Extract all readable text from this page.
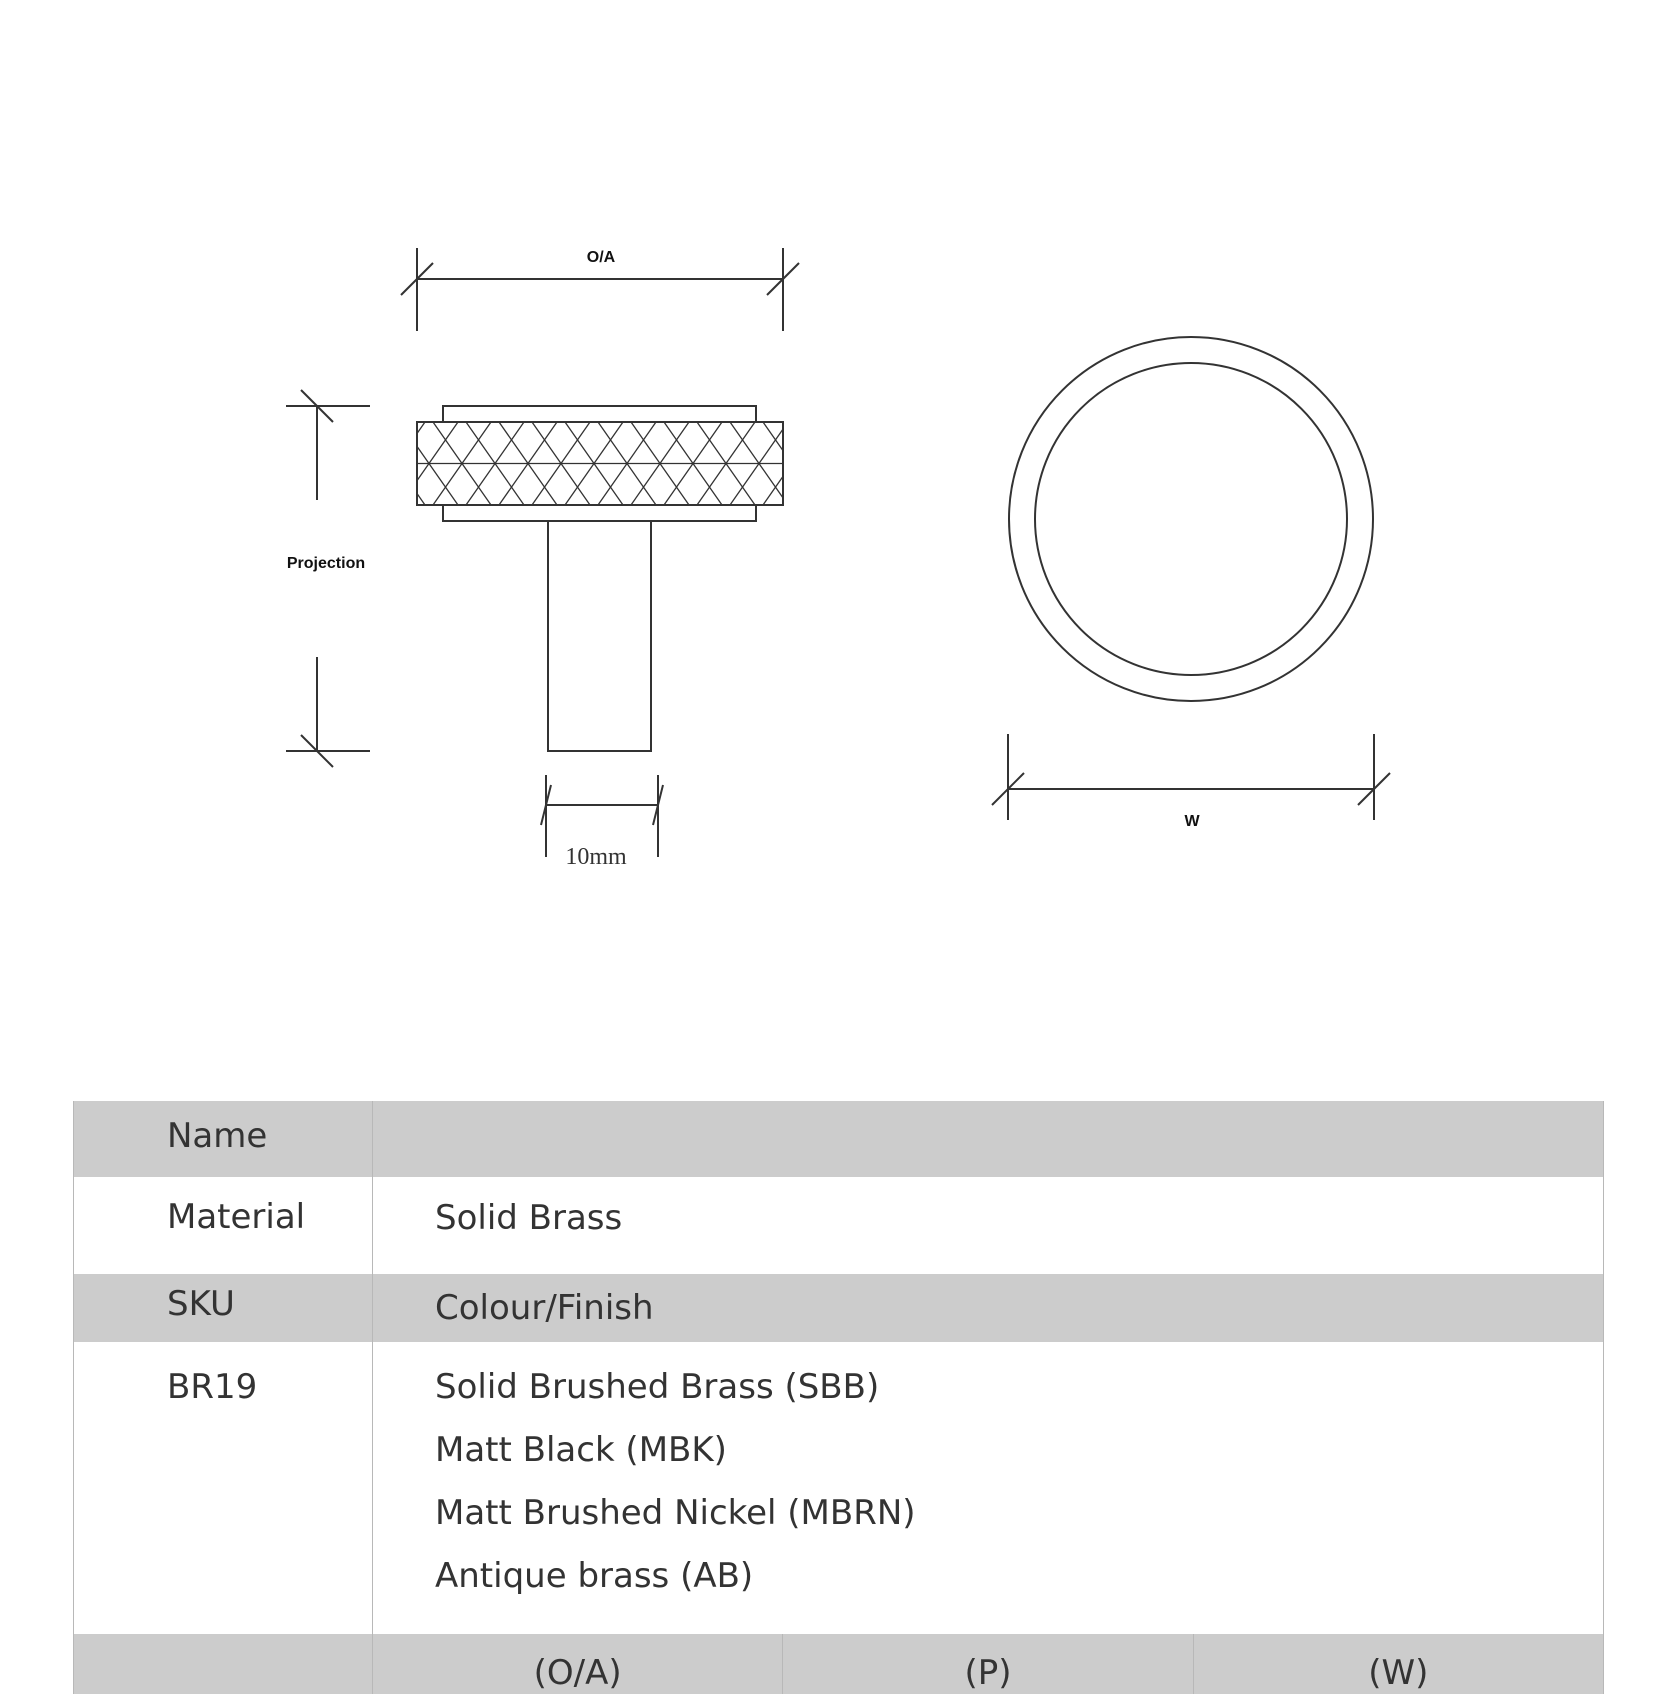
O/A
Projection
10mm
W
Name	
Material	Solid Brass
SKU	Colour/Finish
BR19	Solid Brushed Brass (SBB)
Matt Black (MBK)
Matt Brushed Nickel (MBRN)
Antique brass (AB)

	(O/A) (P) (W)
